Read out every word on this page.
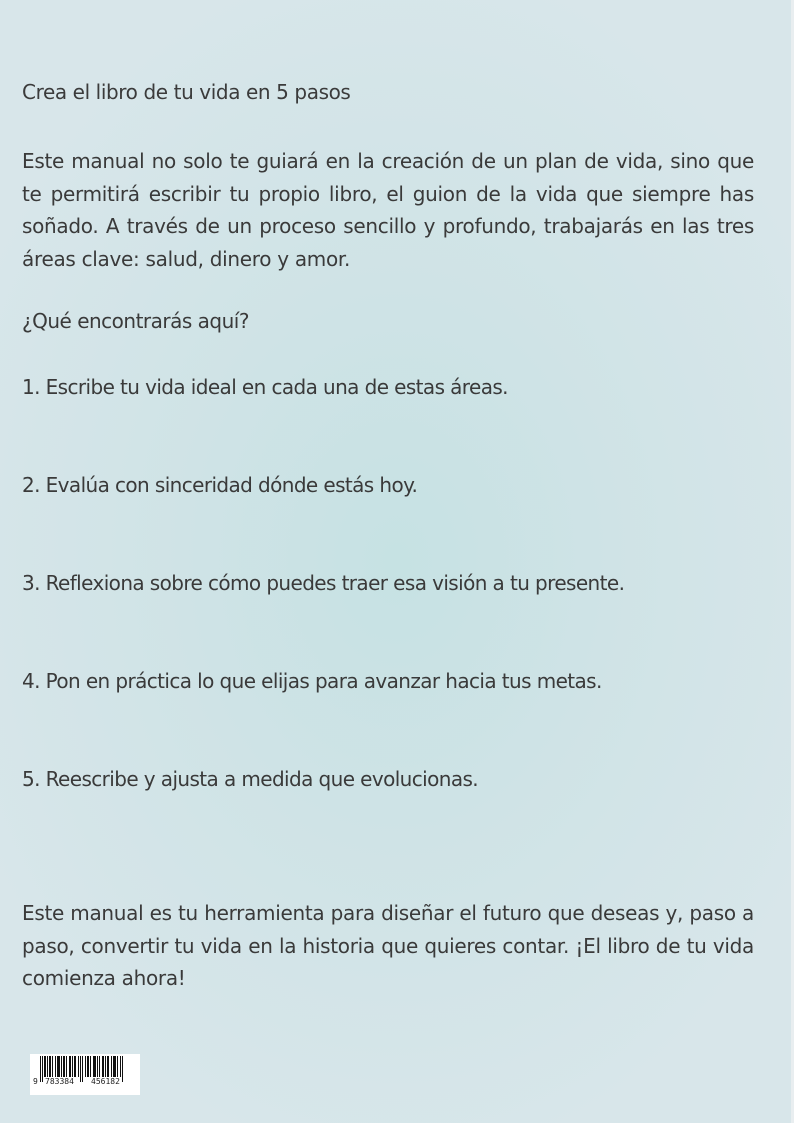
Crea el libro de tu vida en 5 pasos

Este manual no solo te guiará en la creación de un plan de vida, sino que te permitirá escribir tu propio libro, el guion de la vida que siempre has soñado. A través de un proceso sencillo y profundo, trabajarás en las tres áreas clave: salud, dinero y amor.

¿Qué encontrarás aquí?
1. Escribe tu vida ideal en cada una de estas áreas.
2. Evalúa con sinceridad dónde estás hoy.
3. Reflexiona sobre cómo puedes traer esa visión a tu presente.
4. Pon en práctica lo que elijas para avanzar hacia tus metas.
5. Reescribe y ajusta a medida que evolucionas.

Este manual es tu herramienta para diseñar el futuro que deseas y, paso a paso, convertir tu vida en la historia que quieres contar. ¡El libro de tu vida comienza ahora!

9 783384 456182
